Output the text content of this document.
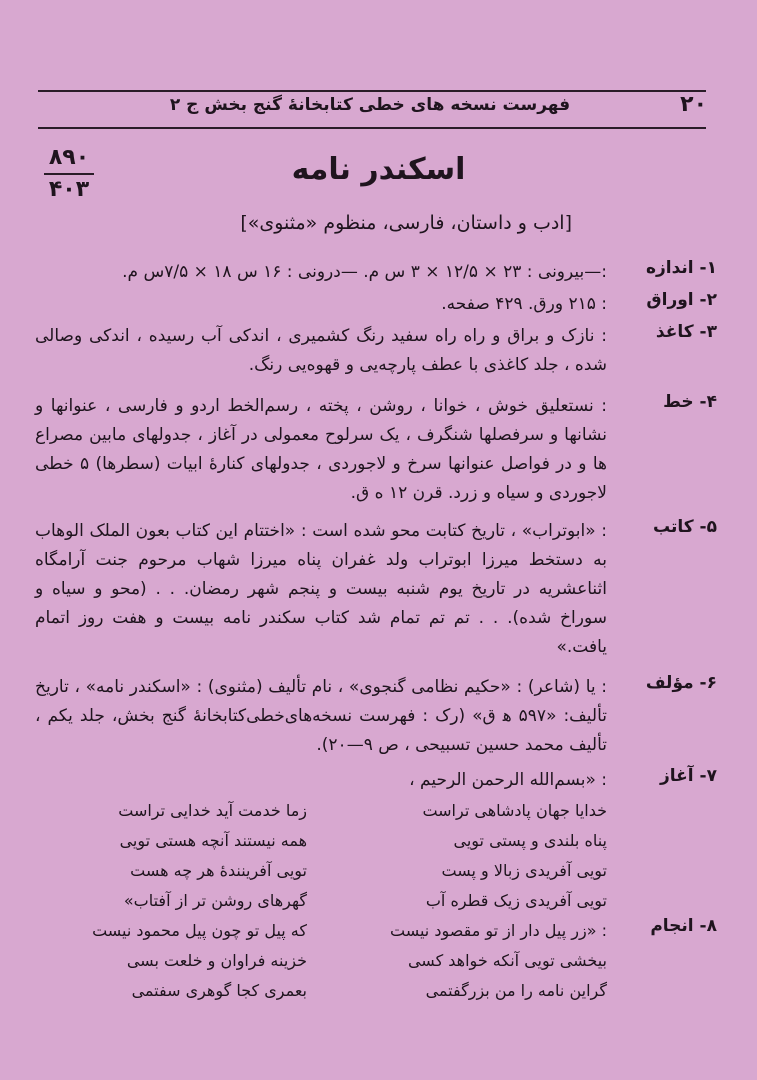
فهرست نسخه های خطی کتابخانهٔ گنج بخش ج ۲	۲۰
۸۹۰
۴۰۳
اسکندر نامه
[ادب و داستان، فارسی، منظوم «مثنوی»]
۱- اندازه
:—بیرونی : ۲۳ × ۱۲/۵ × ۳ س م. —درونی : ۱۶ س ۱۸ × ۷/۵س م.
۲- اوراق
: ۲۱۵ ورق. ۴۲۹ صفحه.
۳- کاغذ
: نازک و براق و راه راه سفید رنگ کشمیری ، اندکی آب رسیده ، اندکی وصالی شده ، جلد کاغذی با عطف پارچه‌یی و قهوه‌یی رنگ.
۴- خط
: نستعلیق خوش ، خوانا ، روشن ، پخته ، رسم‌الخط اردو و فارسی ، عنوانها و نشانها و سرفصلها شنگرف ، یک سرلوح معمولی در آغاز ، جدولهای مابین مصراع ها و در فواصل عنوانها سرخ و لاجوردی ، جدولهای کنارهٔ ابیات (سطرها) ۵ خطی لاجوردی و سیاه و زرد. قرن ۱۲ ه ق.
۵- کاتب
: «ابوتراب» ، تاریخ کتابت محو شده است : «اختتام این کتاب بعون الملک الوهاب به دستخط میرزا ابوتراب ولد غفران پناه میرزا شهاب مرحوم جنت آرامگاه اثناعشریه در تاریخ یوم شنبه بیست و پنجم شهر رمضان. . . (محو و سیاه و سوراخ شده). . . تم تم تمام شد کتاب سکندر نامه بیست و هفت روز اتمام یافت.»
۶- مؤلف
: یا (شاعر) : «حکیم نظامی گنجوی» ، نام تألیف (مثنوی) : «اسکندر نامه» ، تاریخ تألیف: «۵۹۷ ه‍ ق» (رک : فهرست نسخه‌های‌خطی‌کتابخانهٔ گنج بخش، جلد یکم ، تألیف محمد حسین تسبیحی ، ص ۹—۲۰).
۷- آغاز
: «بسم‌الله الرحمن الرحیم ،
خدایا جهان پادشاهی تراست
زما خدمت آید خدایی تراست
پناه بلندی و پستی تویی
همه نیستند آنچه هستی تویی
تویی آفریدی زبالا و پست
تویی آفرینندهٔ هر چه هست
تویی آفریدی زیک قطره آب
گهرهای روشن تر از آفتاب»
۸- انجام
: «زر پیل دار از تو مقصود نیست
که پیل تو چون پیل محمود نیست
بیخشی تویی آنکه خواهد کسی
خزینه فراوان و خلعت بسی
گراین نامه را من بزرگفتمی
بعمری کجا گوهری سفتمی
